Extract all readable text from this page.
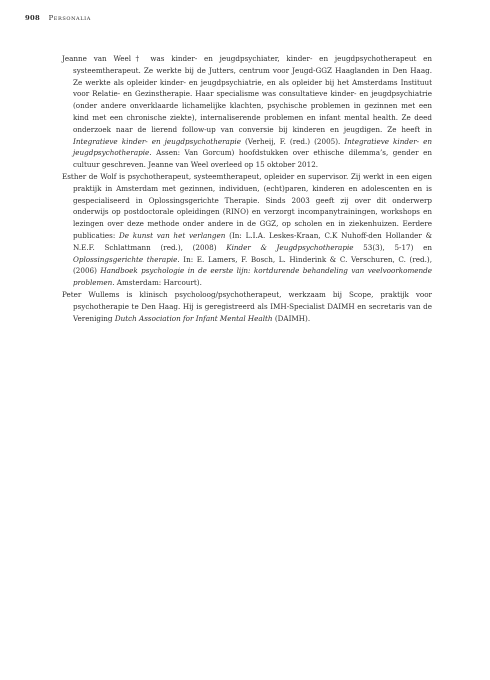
908 Personalia

Jeanne van Weel† was kinder- en jeugdpsychiater, kinder- en jeugdpsychotherapeut en systeemtherapeut. Ze werkte bij de Jutters, centrum voor Jeugd-GGZ Haaglanden in Den Haag. Ze werkte als opleider kinder- en jeugdpsychiatrie, en als opleider bij het Amsterdams Instituut voor Relatie- en Gezinstherapie. Haar specialisme was consultatieve kinder- en jeugdpsychiatrie (onder andere onverklaarde lichamelijke klachten, psychische problemen in gezinnen met een kind met een chronische ziekte), internaliserende problemen en infant mental health. Ze deed onderzoek naar de lierend follow-up van conversie bij kinderen en jeugdigen. Ze heeft in Integratieve kinder- en jeugdpsychotherapie (Verheij, F. (red.) (2005). Integratieve kinder- en jeugdpsychotherapie. Assen: Van Gorcum) hoofdstukken over ethische dilemma’s, gender en cultuur geschreven. Jeanne van Weel overleed op 15 oktober 2012.

Esther de Wolf is psychotherapeut, systeemtherapeut, opleider en supervisor. Zij werkt in een eigen praktijk in Amsterdam met gezinnen, individuen, (echt)paren, kinderen en adolescenten en is gespecialiseerd in Oplossingsgerichte Therapie. Sinds 2003 geeft zij over dit onderwerp onderwijs op postdoctorale opleidingen (RINO) en verzorgt incompanytrainingen, workshops en lezingen over deze methode onder andere in de GGZ, op scholen en in ziekenhuizen. Eerdere publicaties: De kunst van het verlangen (In: L.I.A. Leskes-Kraan, C.K Nuhoff-den Hollander & N.E.F. Schlattmann (red.), (2008) Kinder & Jeugdpsychotherapie 53(3), 5-17) en Oplossingsgerichte therapie. In: E. Lamers, F. Bosch, L. Hinderink & C. Verschuren, C. (red.), (2006) Handboek psychologie in de eerste lijn: kortdurende behandeling van veelvoorkomende problemen. Amsterdam: Harcourt).

Peter Wullems is klinisch psycholoog/psychotherapeut, werkzaam bij Scope, praktijk voor psychotherapie te Den Haag. Hij is geregistreerd als IMH-Specialist DAIMH en secretaris van de Vereniging Dutch Association for Infant Mental Health (DAIMH).
